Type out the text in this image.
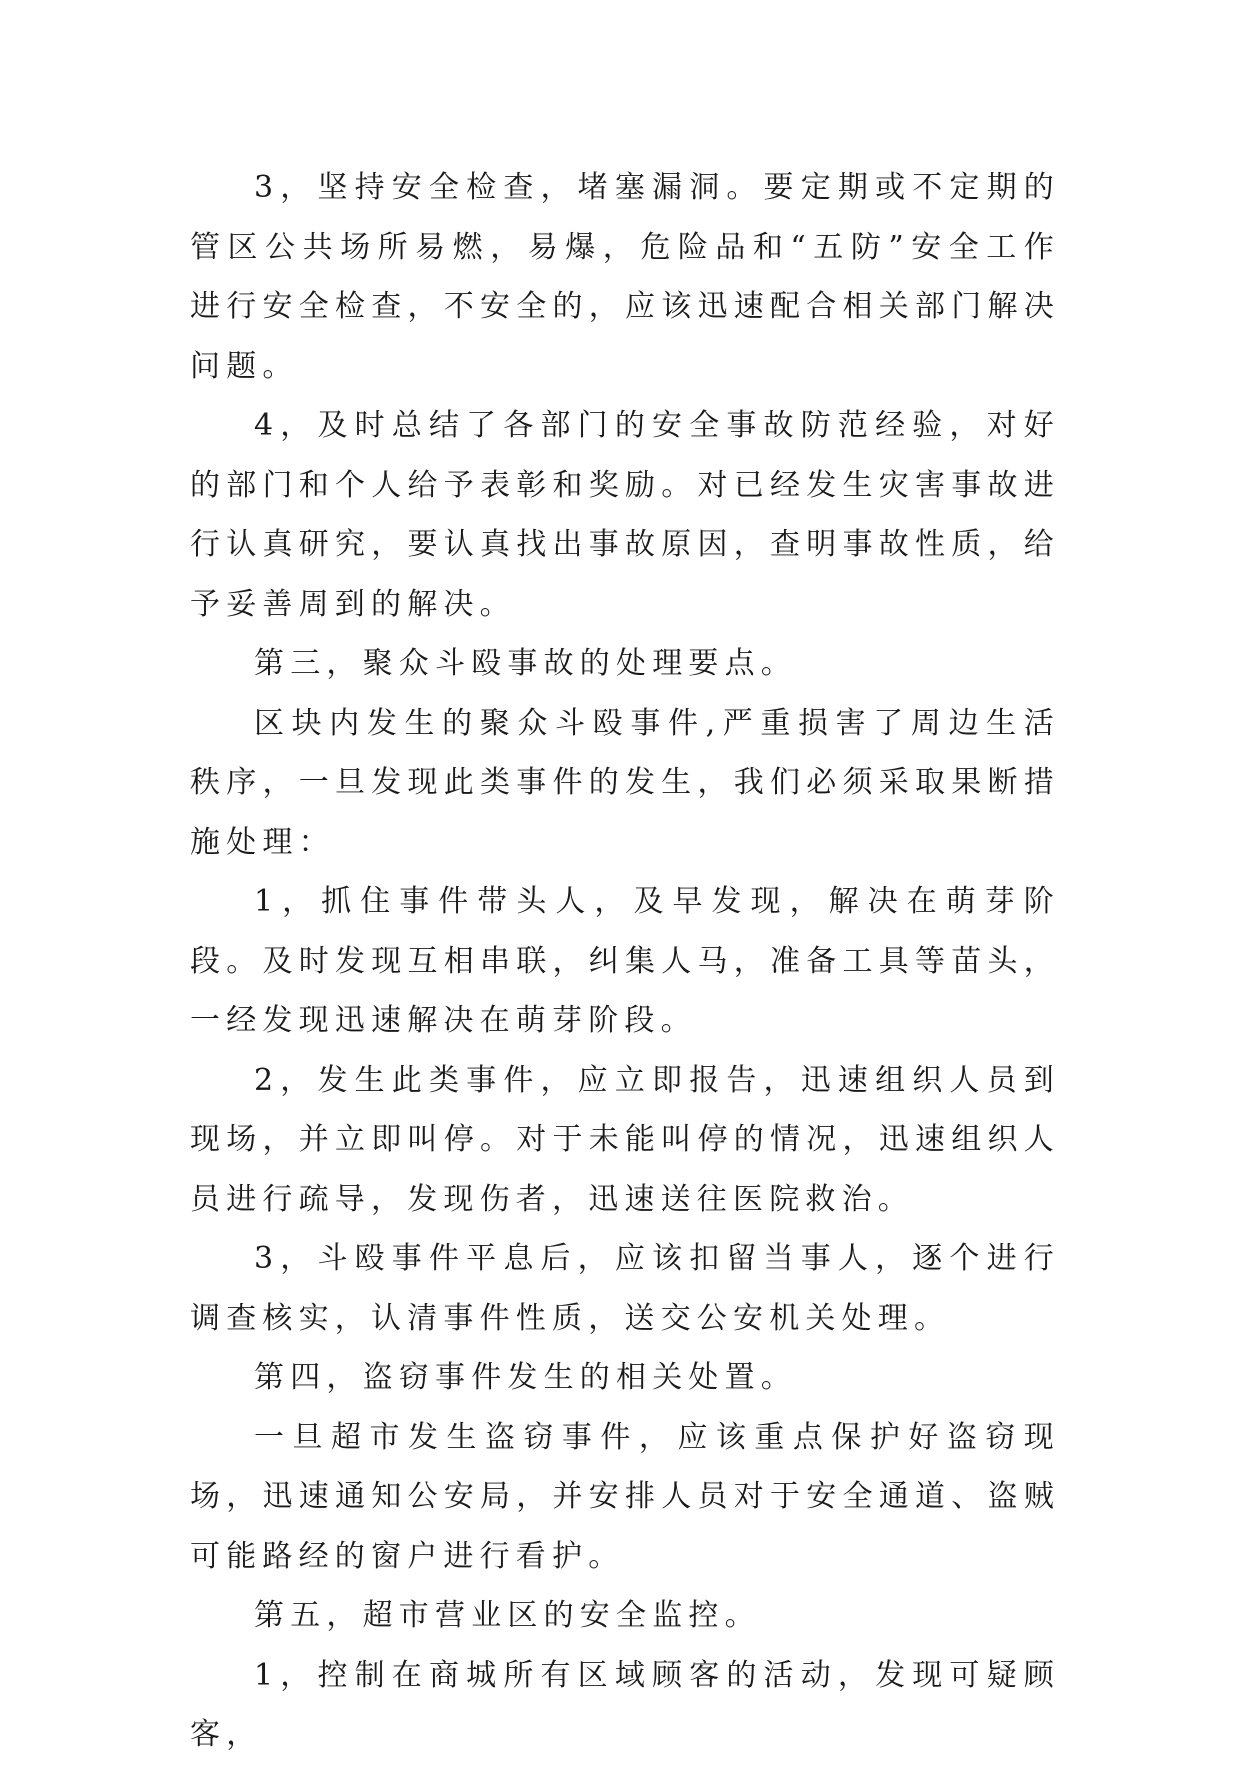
3，坚持安全检查，堵塞漏洞。要定期或不定期的管区公共场所易燃，易爆，危险品和“五防”安全工作进行安全检查，不安全的，应该迅速配合相关部门解决问题。

4，及时总结了各部门的安全事故防范经验，对好的部门和个人给予表彰和奖励。对已经发生灾害事故进行认真研究，要认真找出事故原因，查明事故性质，给予妥善周到的解决。

第三，聚众斗殴事故的处理要点。

区块内发生的聚众斗殴事件,严重损害了周边生活秩序，一旦发现此类事件的发生，我们必须采取果断措施处理：

1，抓住事件带头人，及早发现，解决在萌芽阶段。及时发现互相串联，纠集人马，准备工具等苗头，一经发现迅速解决在萌芽阶段。

2，发生此类事件，应立即报告，迅速组织人员到现场，并立即叫停。对于未能叫停的情况，迅速组织人员进行疏导，发现伤者，迅速送往医院救治。

3，斗殴事件平息后，应该扣留当事人，逐个进行调查核实，认清事件性质，送交公安机关处理。

第四，盗窃事件发生的相关处置。

一旦超市发生盗窃事件，应该重点保护好盗窃现场，迅速通知公安局，并安排人员对于安全通道、盗贼可能路经的窗户进行看护。

第五，超市营业区的安全监控。

1，控制在商城所有区域顾客的活动，发现可疑顾客，
